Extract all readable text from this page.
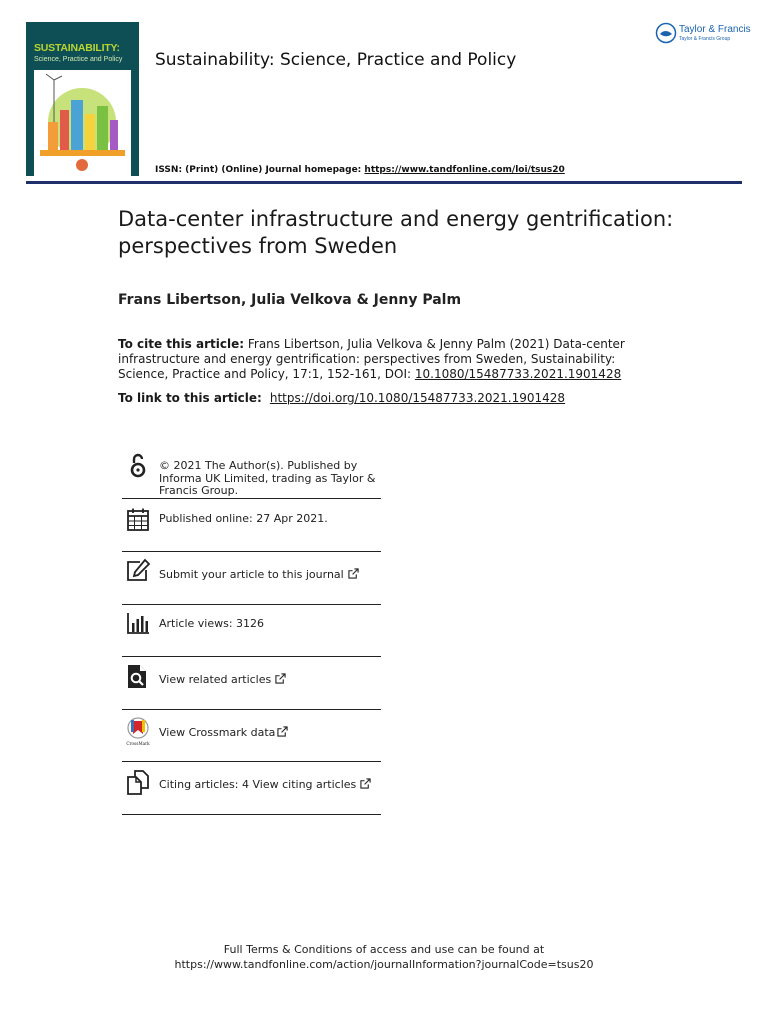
SUSTAINABILITY:
Science, Practice and Policy Sustainability: Science, Practice and Policy
Taylor & Francis
Taylor & Francis Group
ISSN: (Print) (Online) Journal homepage: https://www.tandfonline.com/loi/tsus20
Data-center infrastructure and energy gentrification: perspectives from Sweden
Frans Libertson, Julia Velkova & Jenny Palm
To cite this article: Frans Libertson, Julia Velkova & Jenny Palm (2021) Data-center infrastructure and energy gentrification: perspectives from Sweden, Sustainability: Science, Practice and Policy, 17:1, 152-161, DOI: 10.1080/15487733.2021.1901428
To link to this article:  https://doi.org/10.1080/15487733.2021.1901428
© 2021 The Author(s). Published by Informa UK Limited, trading as Taylor & Francis Group.
Published online: 27 Apr 2021.
Submit your article to this journal
Article views: 3126
View related articles
CrossMark
View Crossmark data
Citing articles: 4 View citing articles
Full Terms & Conditions of access and use can be found at
https://www.tandfonline.com/action/journalInformation?journalCode=tsus20
